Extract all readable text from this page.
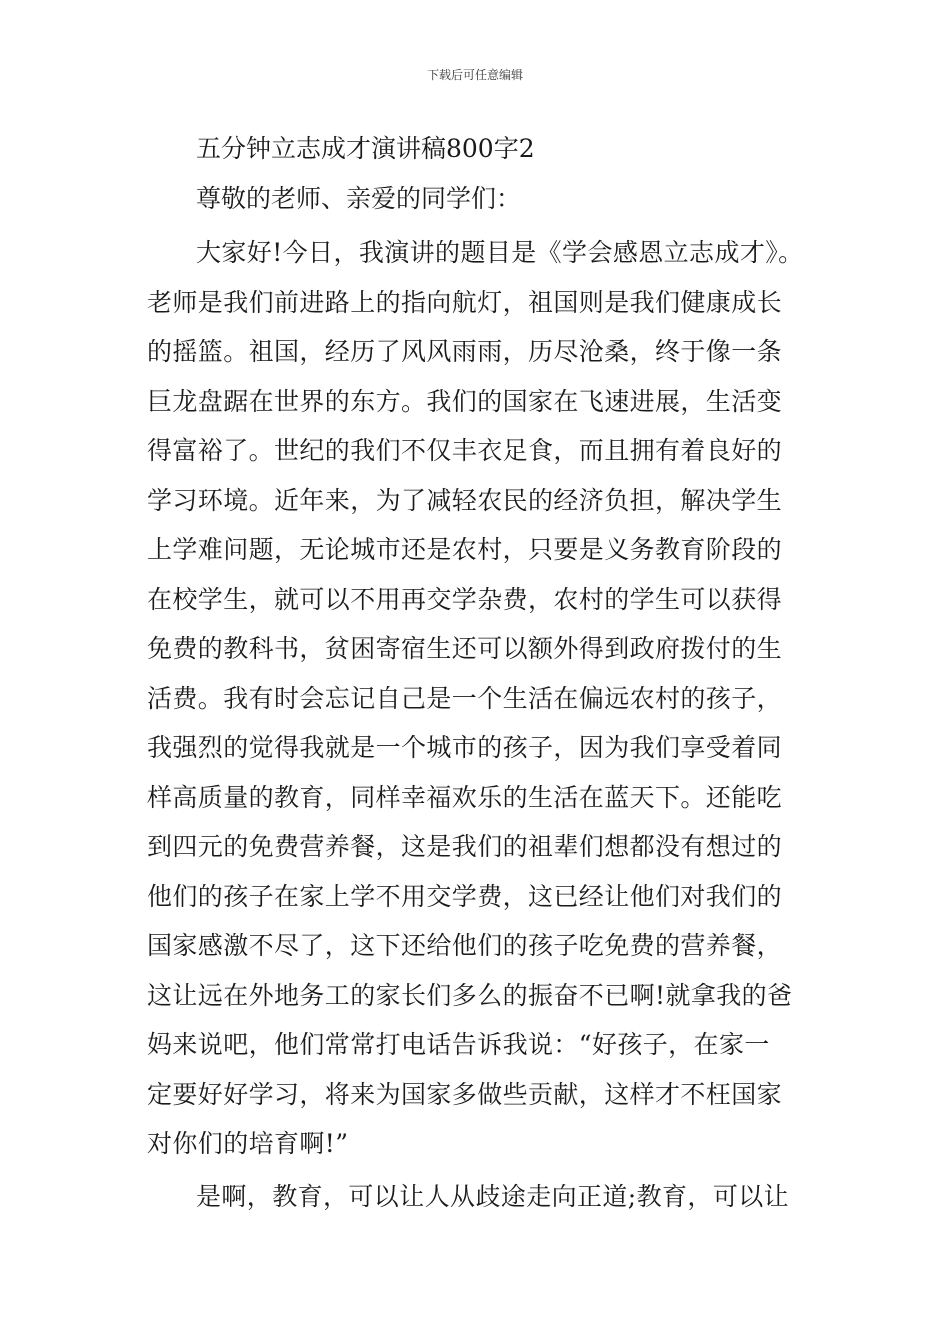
下载后可任意编辑
五分钟立志成才演讲稿800字2
尊敬的老师、亲爱的同学们：
大家好!今日，我演讲的题目是《学会感恩立志成才》。
老师是我们前进路上的指向航灯，祖国则是我们健康成长
的摇篮。祖国，经历了风风雨雨，历尽沧桑，终于像一条
巨龙盘踞在世界的东方。我们的国家在飞速进展，生活变
得富裕了。世纪的我们不仅丰衣足食，而且拥有着良好的
学习环境。近年来，为了减轻农民的经济负担，解决学生
上学难问题，无论城市还是农村，只要是义务教育阶段的
在校学生，就可以不用再交学杂费，农村的学生可以获得
免费的教科书，贫困寄宿生还可以额外得到政府拨付的生
活费。我有时会忘记自己是一个生活在偏远农村的孩子，
我强烈的觉得我就是一个城市的孩子，因为我们享受着同
样高质量的教育，同样幸福欢乐的生活在蓝天下。还能吃
到四元的免费营养餐，这是我们的祖辈们想都没有想过的
他们的孩子在家上学不用交学费，这已经让他们对我们的
国家感激不尽了，这下还给他们的孩子吃免费的营养餐，
这让远在外地务工的家长们多么的振奋不已啊!就拿我的爸
妈来说吧，他们常常打电话告诉我说：“好孩子，在家一
定要好好学习，将来为国家多做些贡献，这样才不枉国家
对你们的培育啊!”
是啊，教育，可以让人从歧途走向正道;教育，可以让
